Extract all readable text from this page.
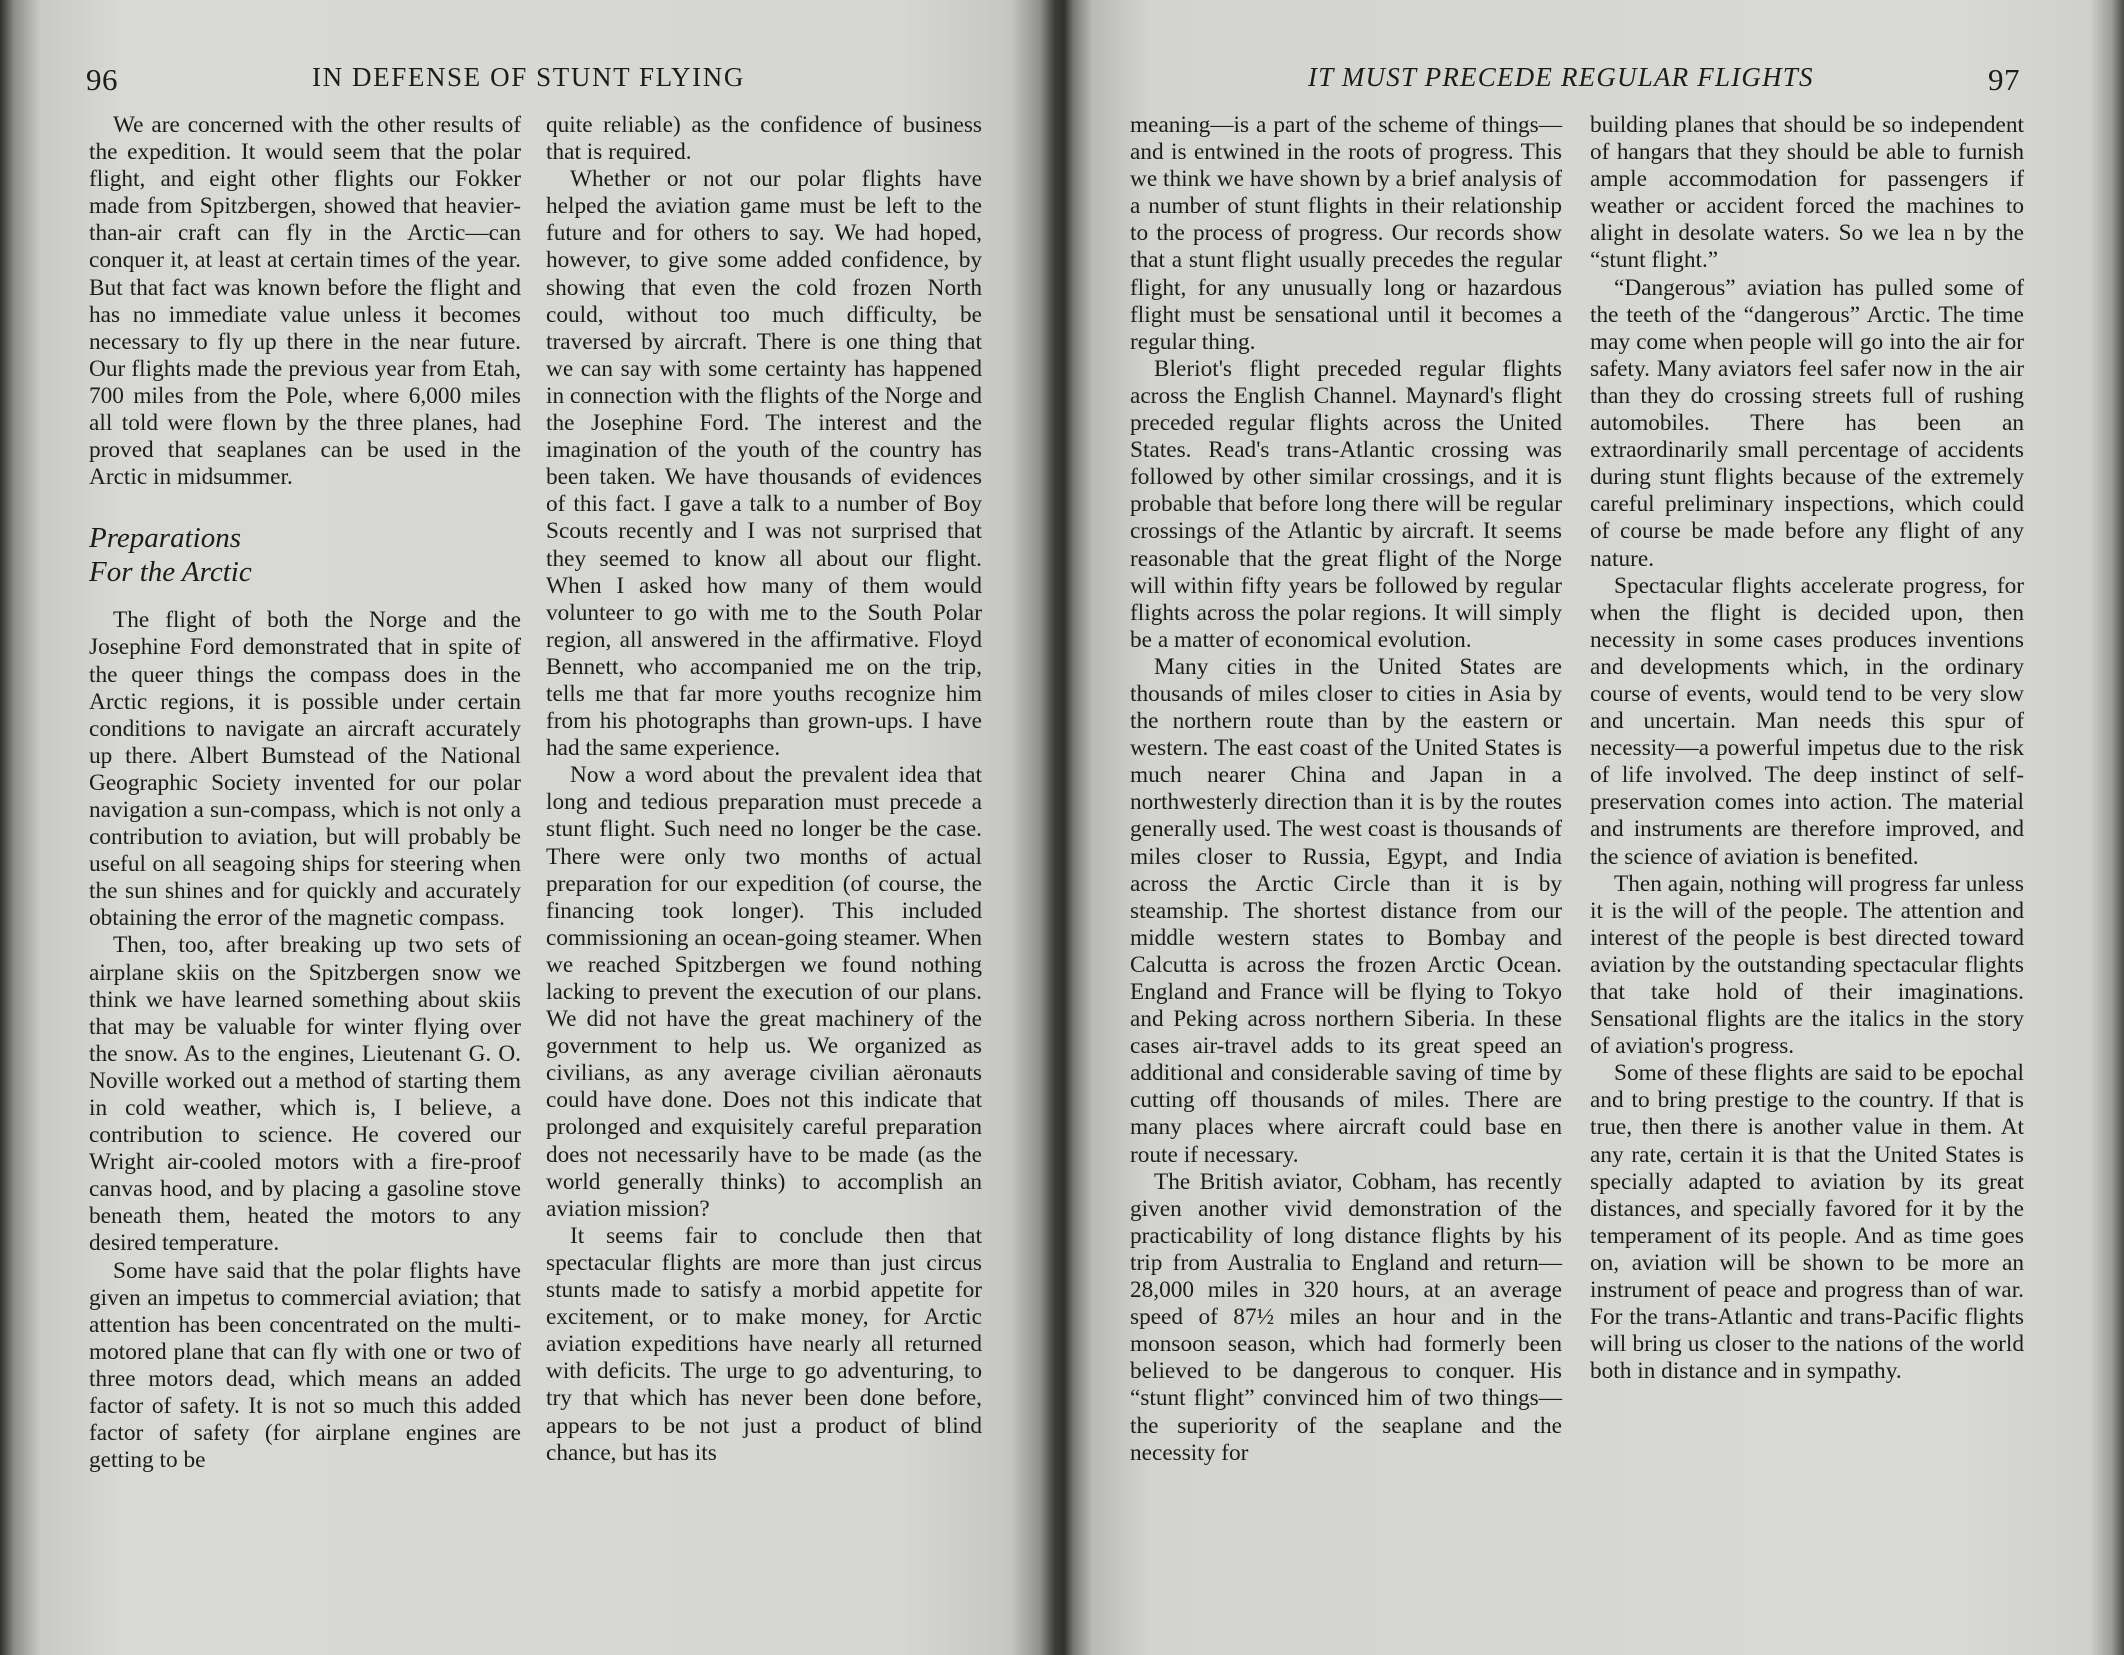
96	IN DEFENSE OF STUNT FLYING

We are concerned with the other results of the expedition. It would seem that the polar flight, and eight other flights our Fokker made from Spitzbergen, showed that heavier-than-air craft can fly in the Arctic—can conquer it, at least at certain times of the year. But that fact was known before the flight and has no immediate value unless it becomes necessary to fly up there in the near future. Our flights made the previous year from Etah, 700 miles from the Pole, where 6,000 miles all told were flown by the three planes, had proved that seaplanes can be used in the Arctic in midsummer.

Preparations
For the Arctic

The flight of both the Norge and the Josephine Ford demonstrated that in spite of the queer things the compass does in the Arctic regions, it is possible under certain conditions to navigate an aircraft accurately up there. Albert Bumstead of the National Geographic Society invented for our polar navigation a sun-compass, which is not only a contribution to aviation, but will probably be useful on all seagoing ships for steering when the sun shines and for quickly and accurately obtaining the error of the magnetic compass.

Then, too, after breaking up two sets of airplane skiis on the Spitzbergen snow we think we have learned something about skiis that may be valuable for winter flying over the snow. As to the engines, Lieutenant G. O. Noville worked out a method of starting them in cold weather, which is, I believe, a contribution to science. He covered our Wright air-cooled motors with a fire-proof canvas hood, and by placing a gasoline stove beneath them, heated the motors to any desired temperature.

Some have said that the polar flights have given an impetus to commercial aviation; that attention has been concentrated on the multi-motored plane that can fly with one or two of three motors dead, which means an added factor of safety. It is not so much this added factor of safety (for airplane engines are getting to be

quite reliable) as the confidence of business that is required.

Whether or not our polar flights have helped the aviation game must be left to the future and for others to say. We had hoped, however, to give some added confidence, by showing that even the cold frozen North could, without too much difficulty, be traversed by aircraft. There is one thing that we can say with some certainty has happened in connection with the flights of the Norge and the Josephine Ford. The interest and the imagination of the youth of the country has been taken. We have thousands of evidences of this fact. I gave a talk to a number of Boy Scouts recently and I was not surprised that they seemed to know all about our flight. When I asked how many of them would volunteer to go with me to the South Polar region, all answered in the affirmative. Floyd Bennett, who accompanied me on the trip, tells me that far more youths recognize him from his photographs than grown-ups. I have had the same experience.

Now a word about the prevalent idea that long and tedious preparation must precede a stunt flight. Such need no longer be the case. There were only two months of actual preparation for our expedition (of course, the financing took longer). This included commissioning an ocean-going steamer. When we reached Spitzbergen we found nothing lacking to prevent the execution of our plans. We did not have the great machinery of the government to help us. We organized as civilians, as any average civilian aëronauts could have done. Does not this indicate that prolonged and exquisitely careful preparation does not necessarily have to be made (as the world generally thinks) to accomplish an aviation mission?

It seems fair to conclude then that spectacular flights are more than just circus stunts made to satisfy a morbid appetite for excitement, or to make money, for Arctic aviation expeditions have nearly all returned with deficits. The urge to go adventuring, to try that which has never been done before, appears to be not just a product of blind chance, but has its

IT MUST PRECEDE REGULAR FLIGHTS	97

meaning—is a part of the scheme of things—and is entwined in the roots of progress. This we think we have shown by a brief analysis of a number of stunt flights in their relationship to the process of progress. Our records show that a stunt flight usually precedes the regular flight, for any unusually long or hazardous flight must be sensational until it becomes a regular thing.

Bleriot's flight preceded regular flights across the English Channel. Maynard's flight preceded regular flights across the United States. Read's trans-Atlantic crossing was followed by other similar crossings, and it is probable that before long there will be regular crossings of the Atlantic by aircraft. It seems reasonable that the great flight of the Norge will within fifty years be followed by regular flights across the polar regions. It will simply be a matter of economical evolution.

Many cities in the United States are thousands of miles closer to cities in Asia by the northern route than by the eastern or western. The east coast of the United States is much nearer China and Japan in a northwesterly direction than it is by the routes generally used. The west coast is thousands of miles closer to Russia, Egypt, and India across the Arctic Circle than it is by steamship. The shortest distance from our middle western states to Bombay and Calcutta is across the frozen Arctic Ocean. England and France will be flying to Tokyo and Peking across northern Siberia. In these cases air-travel adds to its great speed an additional and considerable saving of time by cutting off thousands of miles. There are many places where aircraft could base en route if necessary.

The British aviator, Cobham, has recently given another vivid demonstration of the practicability of long distance flights by his trip from Australia to England and return—28,000 miles in 320 hours, at an average speed of 87½ miles an hour and in the monsoon season, which had formerly been believed to be dangerous to conquer. His “stunt flight” convinced him of two things—the superiority of the seaplane and the necessity for

building planes that should be so independent of hangars that they should be able to furnish ample accommodation for passengers if weather or accident forced the machines to alight in desolate waters. So we lea n by the “stunt flight.”

“Dangerous” aviation has pulled some of the teeth of the “dangerous” Arctic. The time may come when people will go into the air for safety. Many aviators feel safer now in the air than they do crossing streets full of rushing automobiles. There has been an extraordinarily small percentage of accidents during stunt flights because of the extremely careful preliminary inspections, which could of course be made before any flight of any nature.

Spectacular flights accelerate progress, for when the flight is decided upon, then necessity in some cases produces inventions and developments which, in the ordinary course of events, would tend to be very slow and uncertain. Man needs this spur of necessity—a powerful impetus due to the risk of life involved. The deep instinct of self-preservation comes into action. The material and instruments are therefore improved, and the science of aviation is benefited.

Then again, nothing will progress far unless it is the will of the people. The attention and interest of the people is best directed toward aviation by the outstanding spectacular flights that take hold of their imaginations. Sensational flights are the italics in the story of aviation's progress.

Some of these flights are said to be epochal and to bring prestige to the country. If that is true, then there is another value in them. At any rate, certain it is that the United States is specially adapted to aviation by its great distances, and specially favored for it by the temperament of its people. And as time goes on, aviation will be shown to be more an instrument of peace and progress than of war. For the trans-Atlantic and trans-Pacific flights will bring us closer to the nations of the world both in distance and in sympathy.
